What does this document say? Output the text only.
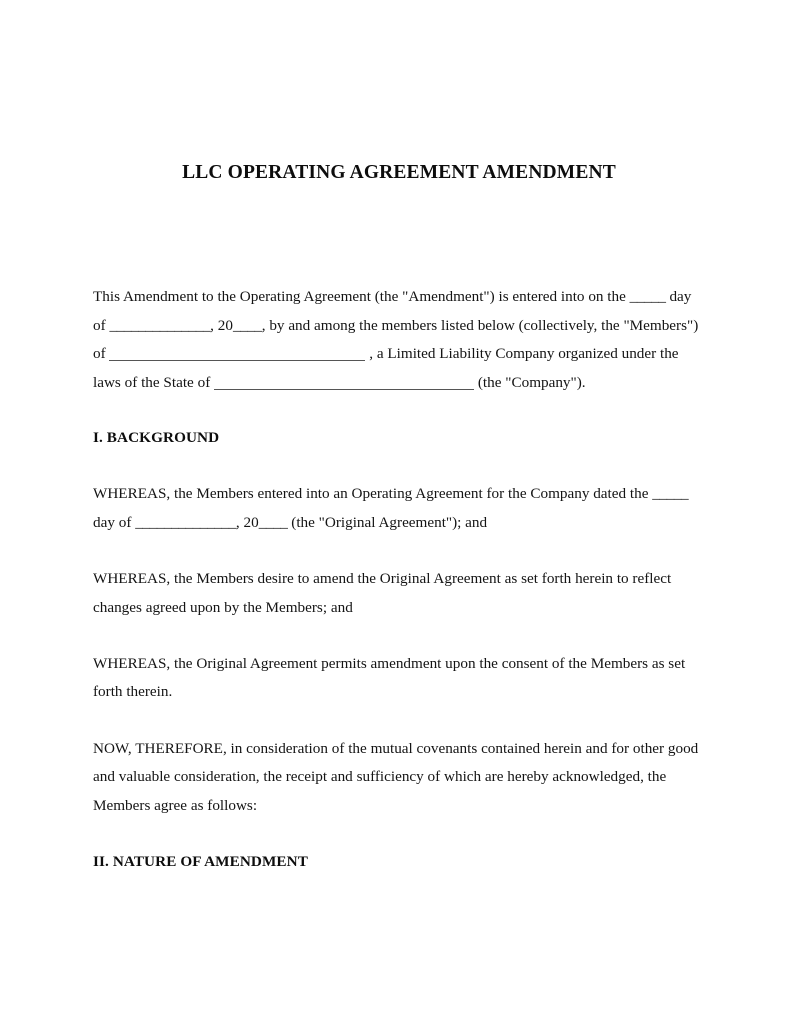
LLC OPERATING AGREEMENT AMENDMENT

This Amendment to the Operating Agreement (the "Amendment") is entered into on the _____ day of ______________, 20____, by and among the members listed below (collectively, the "Members") of	, a Limited Liability Company organized under the laws of the State of	(the "Company").

I. BACKGROUND

WHEREAS, the Members entered into an Operating Agreement for the Company dated the _____ day of ______________, 20____ (the "Original Agreement"); and

WHEREAS, the Members desire to amend the Original Agreement as set forth herein to reflect changes agreed upon by the Members; and

WHEREAS, the Original Agreement permits amendment upon the consent of the Members as set forth therein.

NOW, THEREFORE, in consideration of the mutual covenants contained herein and for other good and valuable consideration, the receipt and sufficiency of which are hereby acknowledged, the Members agree as follows:

II. NATURE OF AMENDMENT
